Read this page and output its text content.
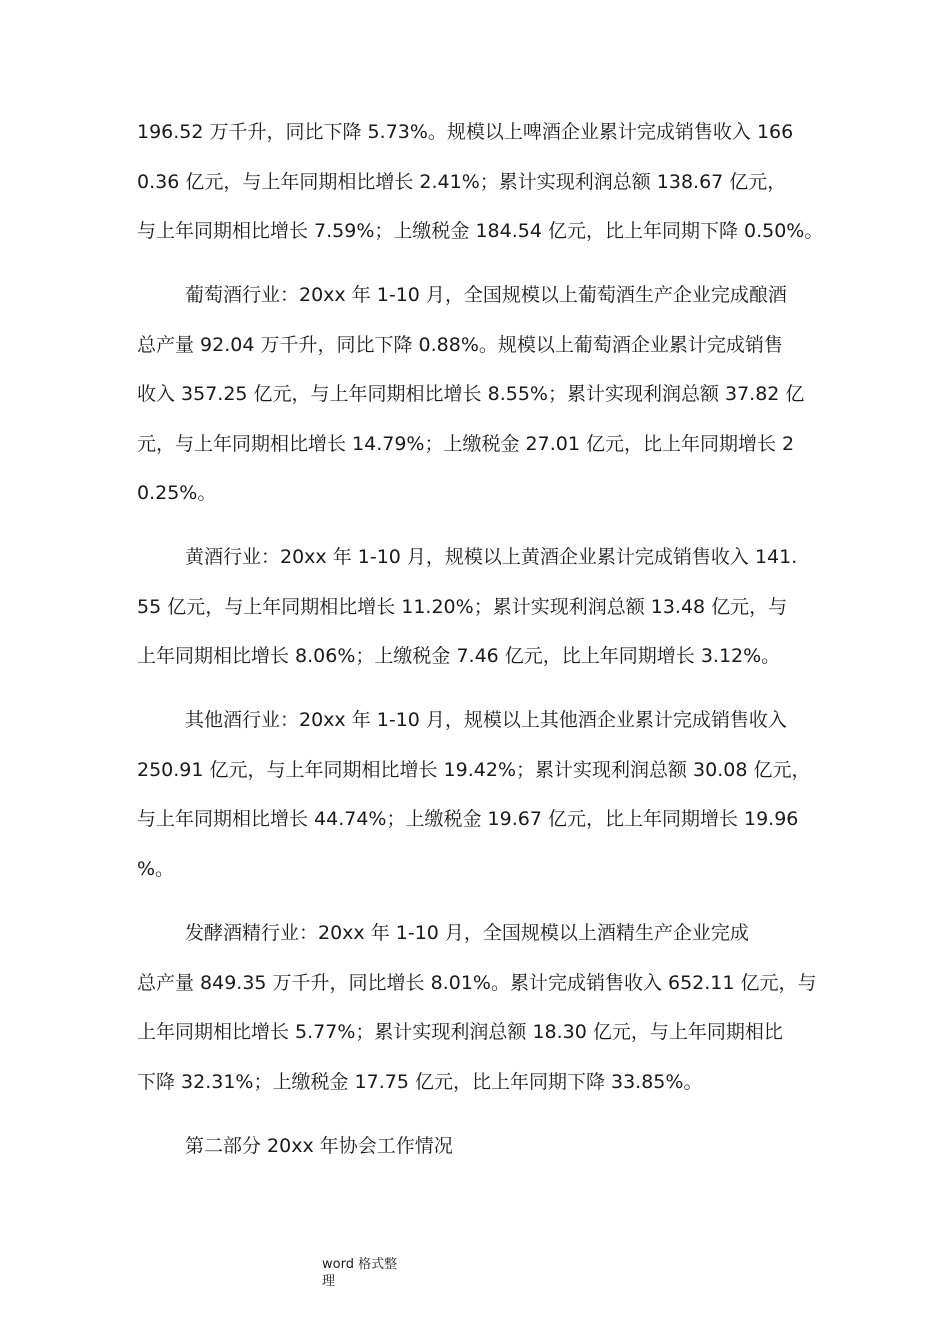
196.52 万千升，同比下降 5.73%。规模以上啤酒企业累计完成销售收入 166
0.36 亿元，与上年同期相比增长 2.41%；累计实现利润总额 138.67 亿元，
与上年同期相比增长 7.59%；上缴税金 184.54 亿元，比上年同期下降 0.50%。
葡萄酒行业：20xx 年 1-10 月，全国规模以上葡萄酒生产企业完成酿酒
总产量 92.04 万千升，同比下降 0.88%。规模以上葡萄酒企业累计完成销售
收入 357.25 亿元，与上年同期相比增长 8.55%；累计实现利润总额 37.82 亿
元，与上年同期相比增长 14.79%；上缴税金 27.01 亿元，比上年同期增长 2
0.25%。
黄酒行业：20xx 年 1-10 月，规模以上黄酒企业累计完成销售收入 141.
55 亿元，与上年同期相比增长 11.20%；累计实现利润总额 13.48 亿元，与
上年同期相比增长 8.06%；上缴税金 7.46 亿元，比上年同期增长 3.12%。
其他酒行业：20xx 年 1-10 月，规模以上其他酒企业累计完成销售收入
250.91 亿元，与上年同期相比增长 19.42%；累计实现利润总额 30.08 亿元，
与上年同期相比增长 44.74%；上缴税金 19.67 亿元，比上年同期增长 19.96
%。
发酵酒精行业：20xx 年 1-10 月，全国规模以上酒精生产企业完成
总产量 849.35 万千升，同比增长 8.01%。累计完成销售收入 652.11 亿元，与
上年同期相比增长 5.77%；累计实现利润总额 18.30 亿元，与上年同期相比
下降 32.31%；上缴税金 17.75 亿元，比上年同期下降 33.85%。
第二部分 20xx 年协会工作情况
word 格式整
理
